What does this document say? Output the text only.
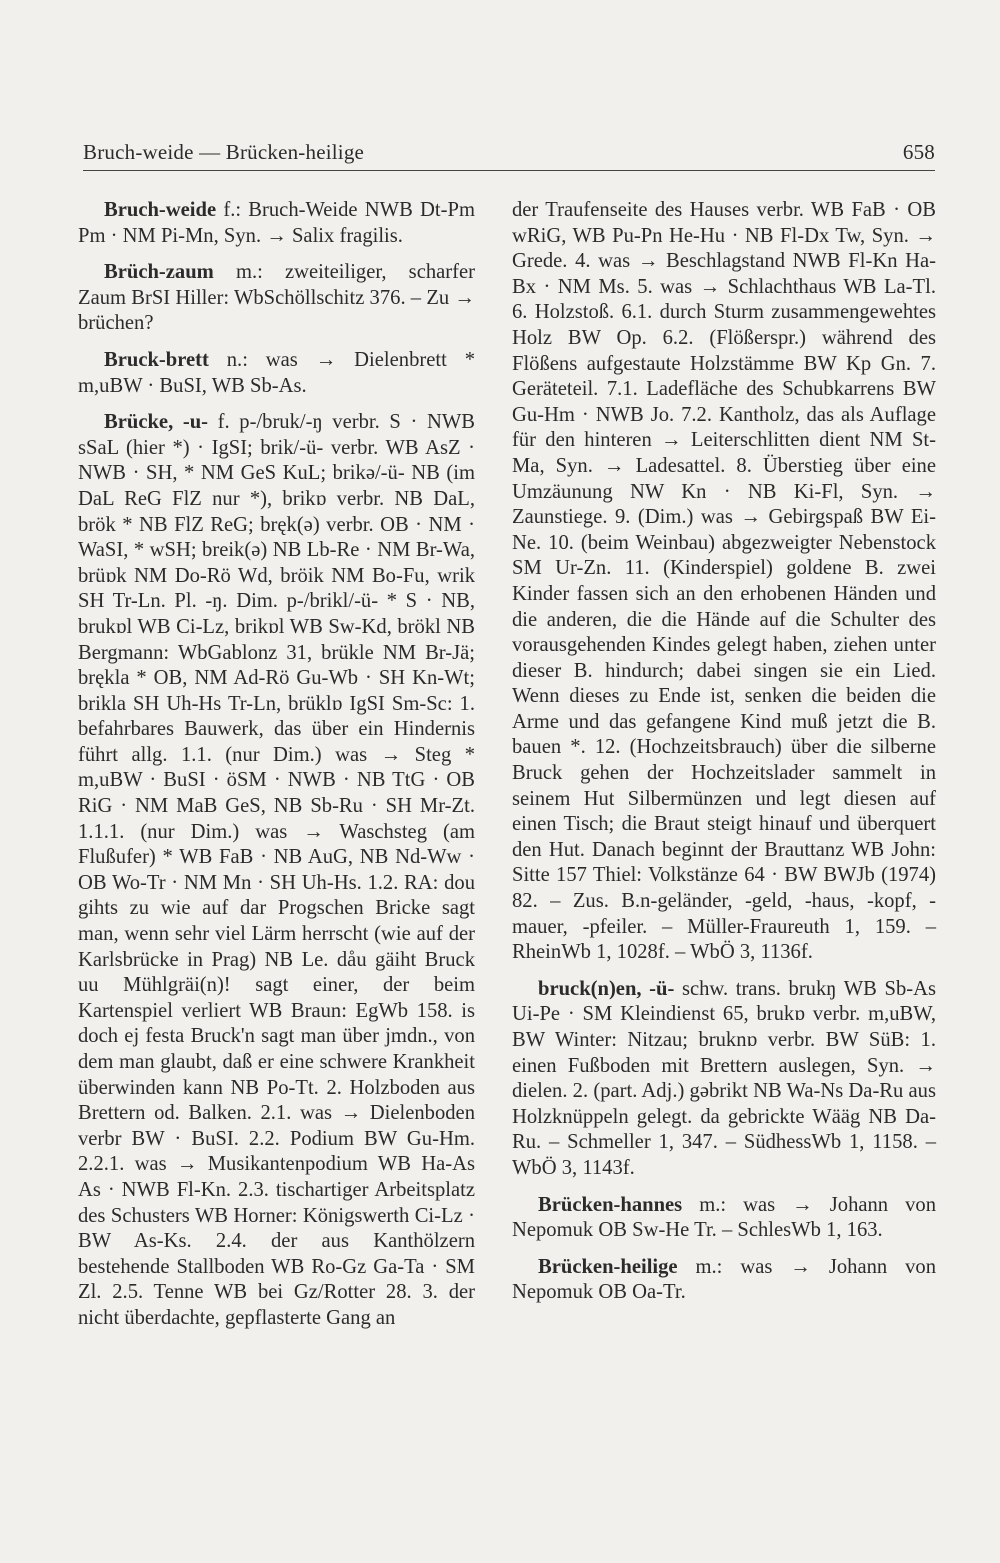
Bruch-weide — Brücken-heilige	658

Bruch-weide f.: Bruch-Weide NWB Dt-Pm Pm · NM Pi-Mn, Syn. → Salix fragilis.

Brüch-zaum m.: zweiteiliger, scharfer Zaum BrSI Hiller: WbSchöllschitz 376. – Zu → brüchen?

Bruck-brett n.: was → Dielenbrett * m,uBW · BuSI, WB Sb-As.

Brücke, -u- f. p-/bruk/-ŋ verbr. S · NWB sSaL (hier *) · IgSI; brik/-ü- verbr. WB AsZ · NWB · SH, * NM GeS KuL; brikə/-ü- NB (im DaL ReG FlZ nur *), brikɒ verbr. NB DaL, brök * NB FlZ ReG; bręk(ə) verbr. OB · NM · WaSI, * wSH; breik(ə) NB Lb-Re · NM Br-Wa, brüɒk NM Do-Rö Wd, bröik NM Bo-Fu, wrik SH Tr-Ln. Pl. -ŋ. Dim. p-/brikl/-ü- * S · NB, brukɒl WB Ci-Lz, brikɒl WB Sw-Kd, brökl NB Bergmann: WbGablonz 31, brükle NM Br-Jä; brękla * OB, NM Ad-Rö Gu-Wb · SH Kn-Wt; brikla SH Uh-Hs Tr-Ln, brüklɒ IgSI Sm-Sc: 1. befahrbares Bauwerk, das über ein Hindernis führt allg. 1.1. (nur Dim.) was → Steg * m,uBW · BuSI · öSM · NWB · NB TtG · OB RiG · NM MaB GeS, NB Sb-Ru · SH Mr-Zt. 1.1.1. (nur Dim.) was → Waschsteg (am Flußufer) * WB FaB · NB AuG, NB Nd-Ww · OB Wo-Tr · NM Mn · SH Uh-Hs. 1.2. RA: dou gihts zu wie auf dar Progschen Bricke sagt man, wenn sehr viel Lärm herrscht (wie auf der Karlsbrücke in Prag) NB Le. dåu gäiht Bruck uu Mühlgräi(n)! sagt einer, der beim Kartenspiel verliert WB Braun: EgWb 158. is doch ej festa Bruck'n sagt man über jmdn., von dem man glaubt, daß er eine schwere Krankheit überwinden kann NB Po-Tt. 2. Holzboden aus Brettern od. Balken. 2.1. was → Dielenboden verbr BW · BuSI. 2.2. Podium BW Gu-Hm. 2.2.1. was → Musikantenpodium WB Ha-As As · NWB Fl-Kn. 2.3. tischartiger Arbeitsplatz des Schusters WB Horner: Königswerth Ci-Lz · BW As-Ks. 2.4. der aus Kanthölzern bestehende Stallboden WB Ro-Gz Ga-Ta · SM Zl. 2.5. Tenne WB bei Gz/Rotter 28. 3. der nicht überdachte, gepflasterte Gang an

der Traufenseite des Hauses verbr. WB FaB · OB wRiG, WB Pu-Pn He-Hu · NB Fl-Dx Tw, Syn. → Grede. 4. was → Beschlagstand NWB Fl-Kn Ha-Bx · NM Ms. 5. was → Schlachthaus WB La-Tl. 6. Holzstoß. 6.1. durch Sturm zusammengewehtes Holz BW Op. 6.2. (Flößerspr.) während des Flößens aufgestaute Holzstämme BW Kp Gn. 7. Geräteteil. 7.1. Ladefläche des Schubkarrens BW Gu-Hm · NWB Jo. 7.2. Kantholz, das als Auflage für den hinteren → Leiterschlitten dient NM St-Ma, Syn. → Ladesattel. 8. Überstieg über eine Umzäunung NW Kn · NB Ki-Fl, Syn. → Zaunstiege. 9. (Dim.) was → Gebirgspaß BW Ei-Ne. 10. (beim Weinbau) abgezweigter Nebenstock SM Ur-Zn. 11. (Kinderspiel) goldene B. zwei Kinder fassen sich an den erhobenen Händen und die anderen, die die Hände auf die Schulter des vorausgehenden Kindes gelegt haben, ziehen unter dieser B. hindurch; dabei singen sie ein Lied. Wenn dieses zu Ende ist, senken die beiden die Arme und das gefangene Kind muß jetzt die B. bauen *. 12. (Hochzeitsbrauch) über die silberne Bruck gehen der Hochzeitslader sammelt in seinem Hut Silbermünzen und legt diesen auf einen Tisch; die Braut steigt hinauf und überquert den Hut. Danach beginnt der Brauttanz WB John: Sitte 157 Thiel: Volkstänze 64 · BW BWJb (1974) 82. – Zus. B.n-geländer, -geld, -haus, -kopf, -mauer, -pfeiler. – Müller-Fraureuth 1, 159. – RheinWb 1, 1028f. – WbÖ 3, 1136f.

bruck(n)en, -ü- schw. trans. brukŋ WB Sb-As Ui-Pe · SM Kleindienst 65, brukɒ verbr. m,uBW, BW Winter: Nitzau; bruknɒ verbr. BW SüB: 1. einen Fußboden mit Brettern auslegen, Syn. → dielen. 2. (part. Adj.) gəbrikt NB Wa-Ns Da-Ru aus Holzknüppeln gelegt. da gebrickte Wääg NB Da-Ru. – Schmeller 1, 347. – SüdhessWb 1, 1158. – WbÖ 3, 1143f.

Brücken-hannes m.: was → Johann von Nepomuk OB Sw-He Tr. – SchlesWb 1, 163.

Brücken-heilige m.: was → Johann von Nepomuk OB Oa-Tr.
